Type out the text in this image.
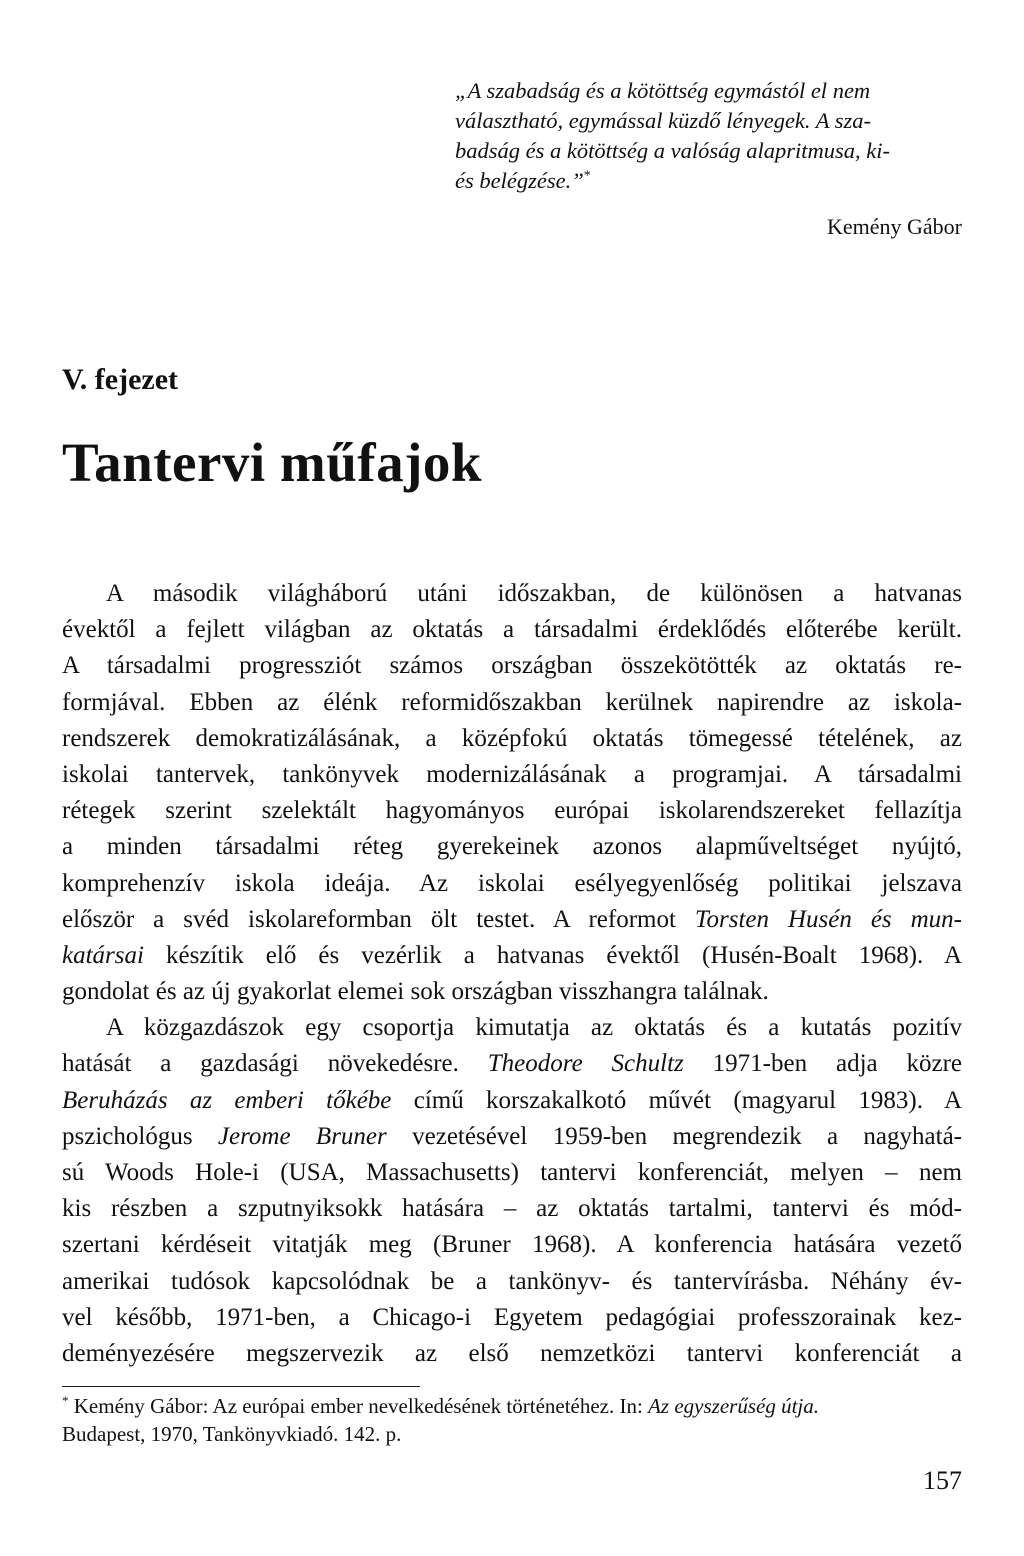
„A szabadság és a kötöttség egymástól el nem
választható, egymással küzdő lényegek. A sza-
badság és a kötöttség a valóság alapritmusa, ki-
és belégzése.”*
Kemény Gábor
V. fejezet
Tantervi műfajok
A második világháború utáni időszakban, de különösen a hatvanas
évektől a fejlett világban az oktatás a társadalmi érdeklődés előterébe került.
A társadalmi progressziót számos országban összekötötték az oktatás re-
formjával. Ebben az élénk reformidőszakban kerülnek napirendre az iskola-
rendszerek demokratizálásának, a középfokú oktatás tömegessé tételének, az
iskolai tantervek, tankönyvek modernizálásának a programjai. A társadalmi
rétegek szerint szelektált hagyományos európai iskolarendszereket fellazítja
a minden társadalmi réteg gyerekeinek azonos alapműveltséget nyújtó,
komprehenzív iskola ideája. Az iskolai esélyegyenlőség politikai jelszava
először a svéd iskolareformban ölt testet. A reformot Torsten Husén és mun-
katársai készítik elő és vezérlik a hatvanas évektől (Husén-Boalt 1968). A
gondolat és az új gyakorlat elemei sok országban visszhangra találnak.
A közgazdászok egy csoportja kimutatja az oktatás és a kutatás pozitív
hatását a gazdasági növekedésre. Theodore Schultz 1971-ben adja közre
Beruházás az emberi tőkébe című korszakalkotó művét (magyarul 1983). A
pszichológus Jerome Bruner vezetésével 1959-ben megrendezik a nagyhatá-
sú Woods Hole-i (USA, Massachusetts) tantervi konferenciát, melyen – nem
kis részben a szputnyiksokk hatására – az oktatás tartalmi, tantervi és mód-
szertani kérdéseit vitatják meg (Bruner 1968). A konferencia hatására vezető
amerikai tudósok kapcsolódnak be a tankönyv- és tantervírásba. Néhány év-
vel később, 1971-ben, a Chicago-i Egyetem pedagógiai professzorainak kez-
deményezésére megszervezik az első nemzetközi tantervi konferenciát a
* Kemény Gábor: Az európai ember nevelkedésének történetéhez. In: Az egyszerűség útja.
Budapest, 1970, Tankönyvkiadó. 142. p.
157
